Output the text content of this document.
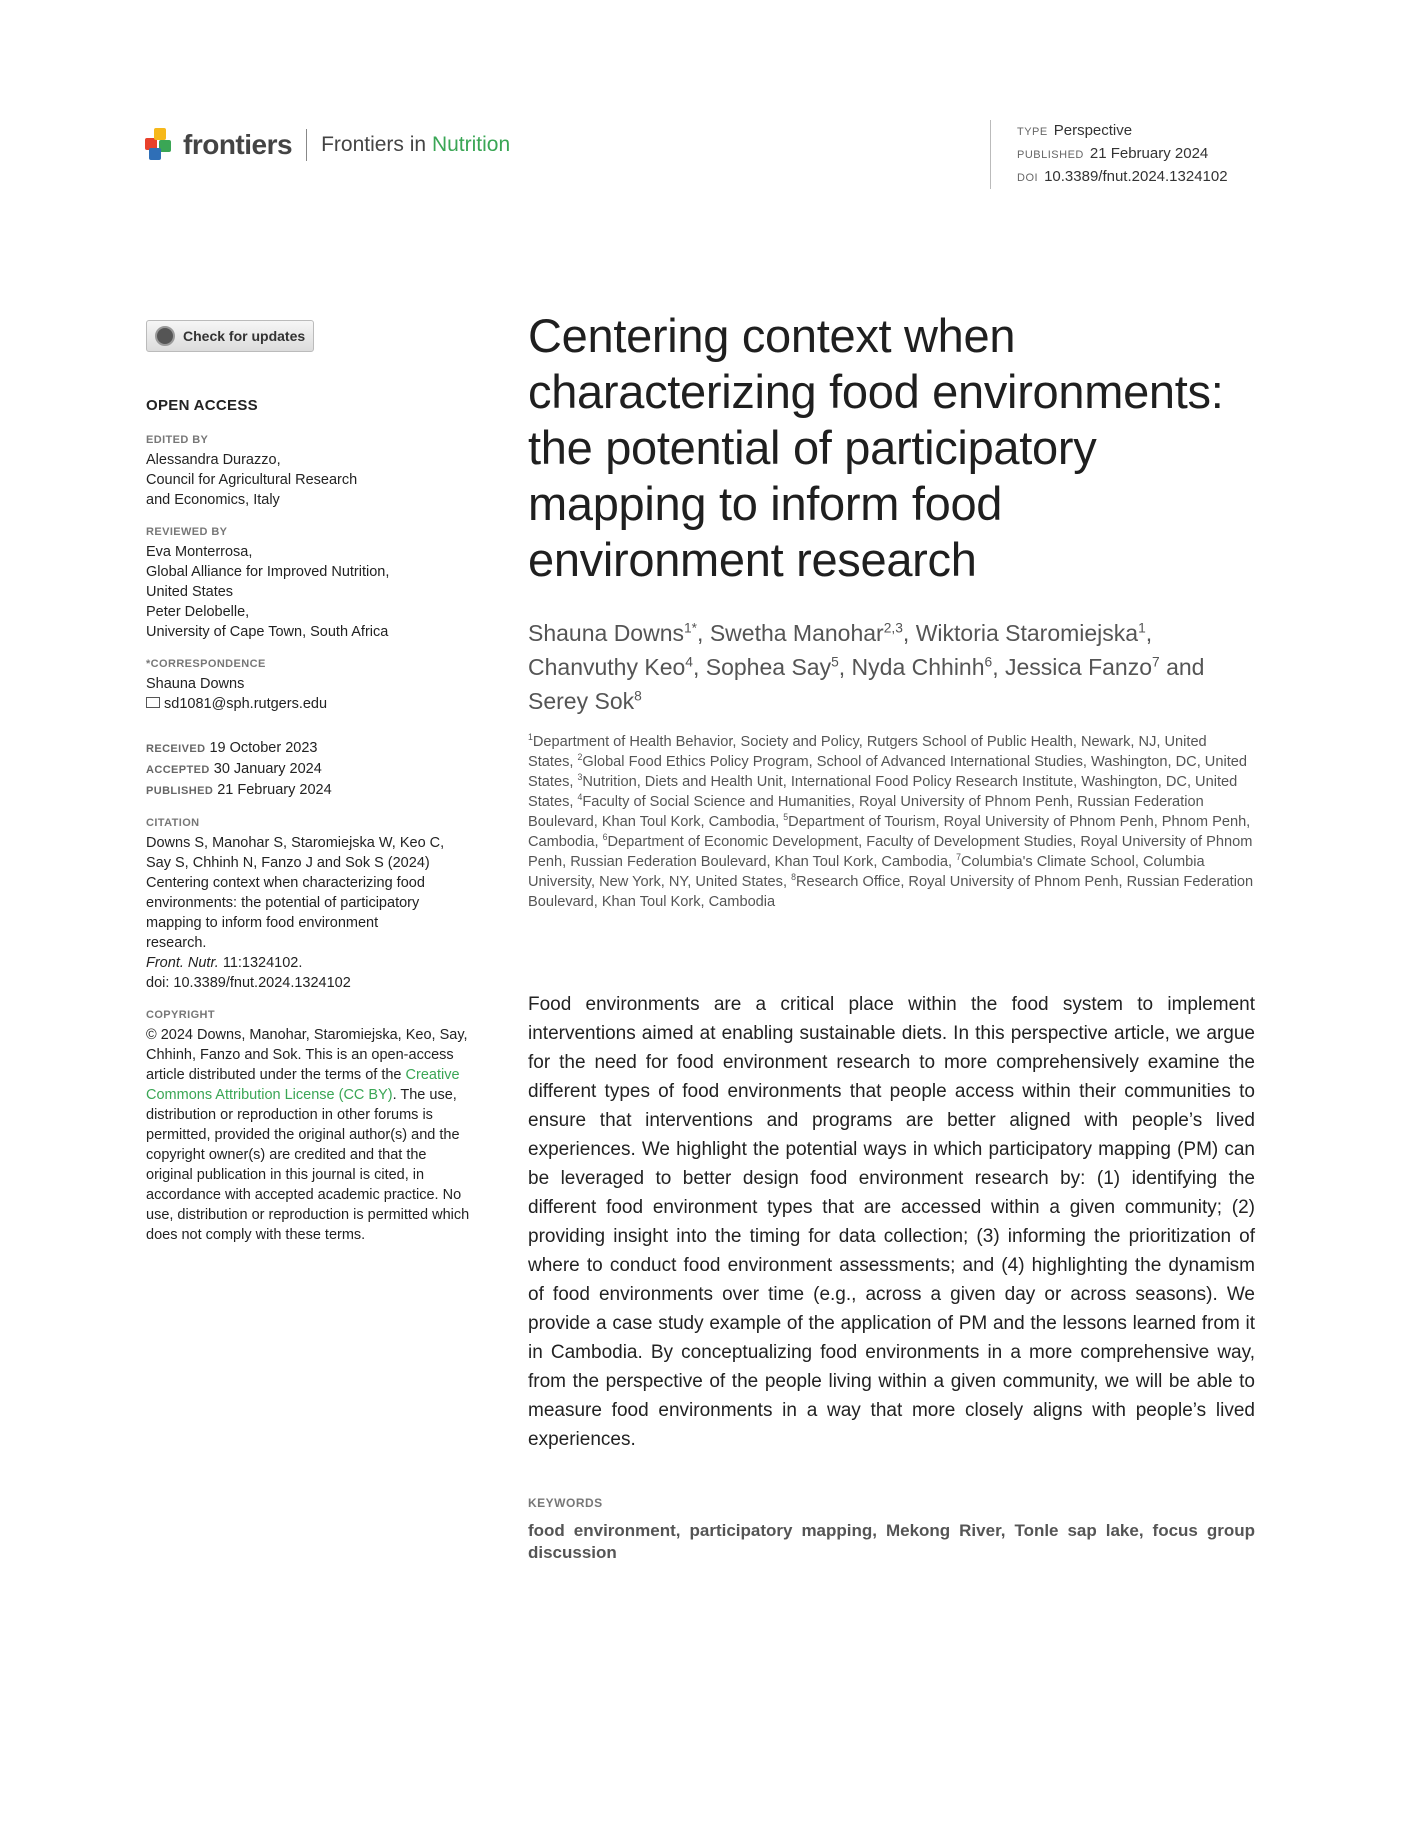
frontiers Frontiers in Nutrition
TYPE Perspective
PUBLISHED 21 February 2024
DOI 10.3389/fnut.2024.1324102
Check for updates
OPEN ACCESS
EDITED BY
Alessandra Durazzo,
Council for Agricultural Research
and Economics, Italy
REVIEWED BY
Eva Monterrosa,
Global Alliance for Improved Nutrition,
United States
Peter Delobelle,
University of Cape Town, South Africa
*CORRESPONDENCE
Shauna Downs
sd1081@sph.rutgers.edu
RECEIVED 19 October 2023
ACCEPTED 30 January 2024
PUBLISHED 21 February 2024
CITATION
Downs S, Manohar S, Staromiejska W, Keo C,
Say S, Chhinh N, Fanzo J and Sok S (2024)
Centering context when characterizing food
environments: the potential of participatory
mapping to inform food environment
research.
Front. Nutr. 11:1324102.
doi: 10.3389/fnut.2024.1324102
COPYRIGHT
© 2024 Downs, Manohar, Staromiejska, Keo, Say, Chhinh, Fanzo and Sok. This is an open-access article distributed under the terms of the Creative Commons Attribution License (CC BY). The use, distribution or reproduction in other forums is permitted, provided the original author(s) and the copyright owner(s) are credited and that the original publication in this journal is cited, in accordance with accepted academic practice. No use, distribution or reproduction is permitted which does not comply with these terms.
Centering context when characterizing food environments: the potential of participatory mapping to inform food environment research
Shauna Downs$^{1*}$, Swetha Manohar$^{2,3}$, Wiktoria Staromiejska$^1$, Chanvuthy Keo$^4$, Sophea Say$^5$, Nyda Chhinh$^6$, Jessica Fanzo$^7$ and Serey Sok$^8$
$^1$Department of Health Behavior, Society and Policy, Rutgers School of Public Health, Newark, NJ, United States, $^2$Global Food Ethics Policy Program, School of Advanced International Studies, Washington, DC, United States, $^3$Nutrition, Diets and Health Unit, International Food Policy Research Institute, Washington, DC, United States, $^4$Faculty of Social Science and Humanities, Royal University of Phnom Penh, Russian Federation Boulevard, Khan Toul Kork, Cambodia, $^5$Department of Tourism, Royal University of Phnom Penh, Phnom Penh, Cambodia, $^6$Department of Economic Development, Faculty of Development Studies, Royal University of Phnom Penh, Russian Federation Boulevard, Khan Toul Kork, Cambodia, $^7$Columbia's Climate School, Columbia University, New York, NY, United States, $^8$Research Office, Royal University of Phnom Penh, Russian Federation Boulevard, Khan Toul Kork, Cambodia
Food environments are a critical place within the food system to implement interventions aimed at enabling sustainable diets. In this perspective article, we argue for the need for food environment research to more comprehensively examine the different types of food environments that people access within their communities to ensure that interventions and programs are better aligned with people’s lived experiences. We highlight the potential ways in which participatory mapping (PM) can be leveraged to better design food environment research by: (1) identifying the different food environment types that are accessed within a given community; (2) providing insight into the timing for data collection; (3) informing the prioritization of where to conduct food environment assessments; and (4) highlighting the dynamism of food environments over time (e.g., across a given day or across seasons). We provide a case study example of the application of PM and the lessons learned from it in Cambodia. By conceptualizing food environments in a more comprehensive way, from the perspective of the people living within a given community, we will be able to measure food environments in a way that more closely aligns with people’s lived experiences.
KEYWORDS
food environment, participatory mapping, Mekong River, Tonle sap lake, focus group discussion
